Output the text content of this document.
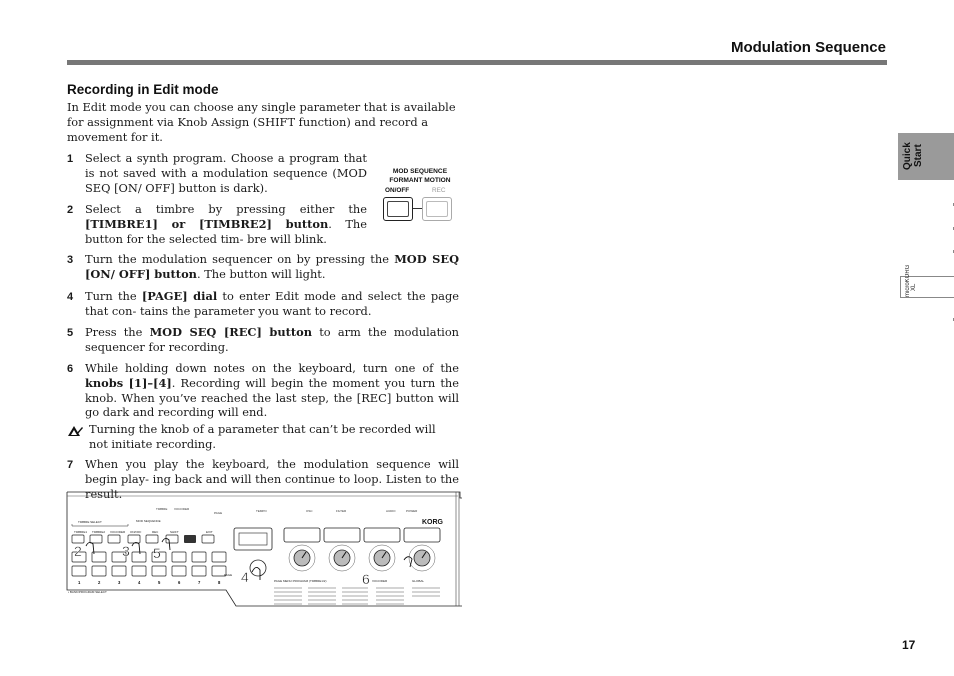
Modulation Sequence
Recording in Edit mode
In Edit mode you can choose any single parameter that is available for assignment via Knob Assign (SHIFT function) and record a movement for it.
1 Select a synth program. Choose a program that is not saved with a modulation sequence (MOD SEQ [ON/ OFF] button is dark).
2 Select a timbre by pressing either the [TIMBRE1] or [TIMBRE2] button. The button for the selected tim- bre will blink.
3 Turn the modulation sequencer on by pressing the MOD SEQ [ON/ OFF] button. The button will light.
4 Turn the [PAGE] dial to enter Edit mode and select the page that con- tains the parameter you want to record.
5 Press the MOD SEQ [REC] button to arm the modulation sequencer for recording.
6 While holding down notes on the keyboard, turn one of the knobs [1]–[4]. Recording will begin the moment you turn the knob. When you’ve reached the last step, the [REC] button will go dark and recording will end.
Turning the knob of a parameter that can’t be recorded will not initiate recording.
7 When you play the keyboard, the modulation sequence will begin play- ing back and will then continue to loop. Listen to the result.
MOD SEQUENCE
FORMANT MOTION
ON/OFF	REC
TIMBRE VOCODER
PAGE	TEMPO	OSC	FILTER	AUDIO	POWER
KORG
TIMBRE SELECT	MOD SEQUENCE
TIMBRE1 TIMBRE2 VOCODER ON/OFF	REC	SHIFT	EXIT
1	2	3	4	5	6	7	8
• BANK/PROGRAM SELECT
PAGE
PAGE MENU PROGRAM (TIMBRE1/2)	VOCODER	GLOBAL
2	3 5
4	6
Quick Start
microKORG XL
17
